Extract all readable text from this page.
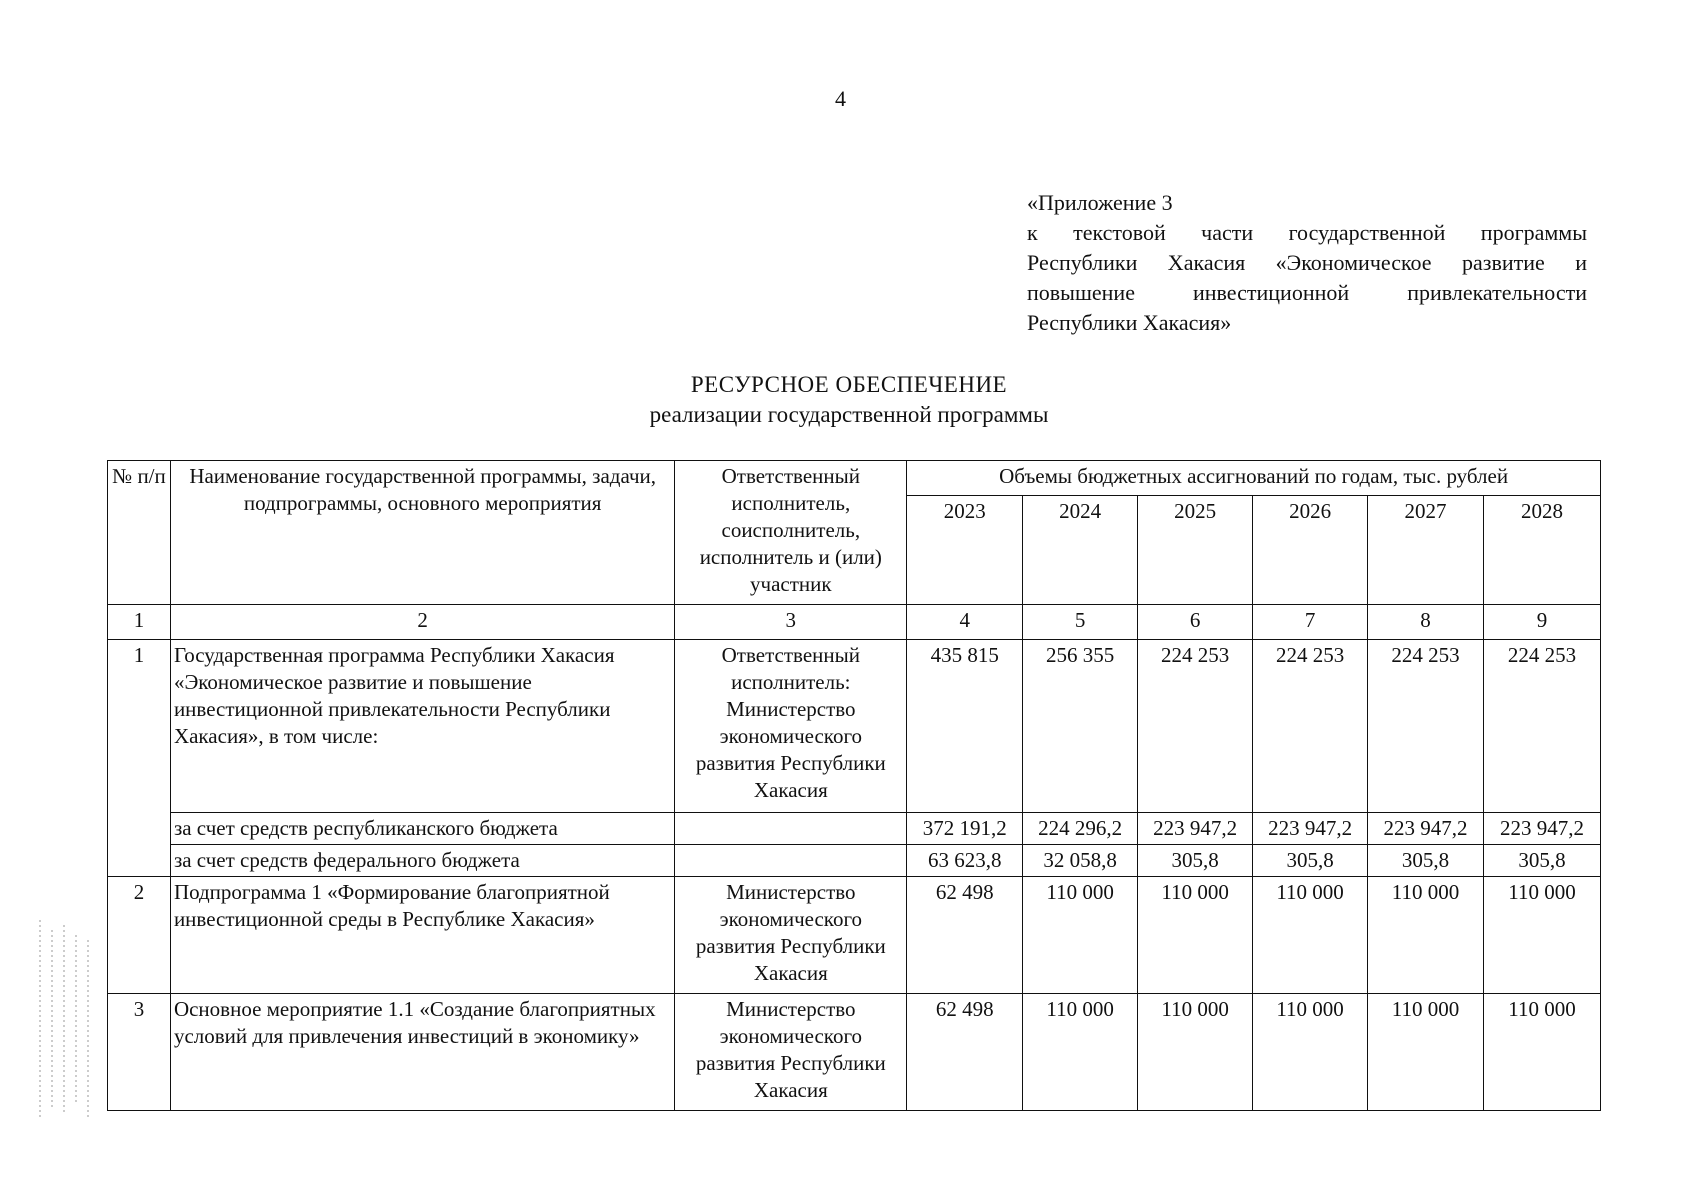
4
«Приложение 3
к текстовой части государственной программы
Республики Хакасия «Экономическое развитие и
повышение инвестиционной привлекательности
Республики Хакасия»
РЕСУРСНОЕ ОБЕСПЕЧЕНИЕ
реализации государственной программы
№ п/п	Наименование государственной программы, задачи, подпрограммы, основного мероприятия	Ответственный исполнитель, соисполнитель, исполнитель и (или) участник	Объемы бюджетных ассигнований по годам, тыс. рублей					
			2023	2024	2025	2026	2027	2028
1	2	3	4	5	6	7	8	9
1	Государственная программа Республики Хакасия «Экономическое развитие и повышение инвестиционной привлекательности Республики Хакасия», в том числе:	Ответственный исполнитель: Министерство экономического развития Республики Хакасия	435 815	256 355	224 253	224 253	224 253	224 253
	за счет средств республиканского бюджета		372 191,2	224 296,2	223 947,2	223 947,2	223 947,2	223 947,2
	за счет средств федерального бюджета		63 623,8	32 058,8	305,8	305,8	305,8	305,8
2	Подпрограмма 1 «Формирование благоприятной инвестиционной среды в Республике Хакасия»	Министерство экономического развития Республики Хакасия	62 498	110 000	110 000	110 000	110 000	110 000
3	Основное мероприятие 1.1 «Создание благоприятных условий для привлечения инвестиций в экономику»	Министерство экономического развития Республики Хакасия	62 498	110 000	110 000	110 000	110 000	110 000
